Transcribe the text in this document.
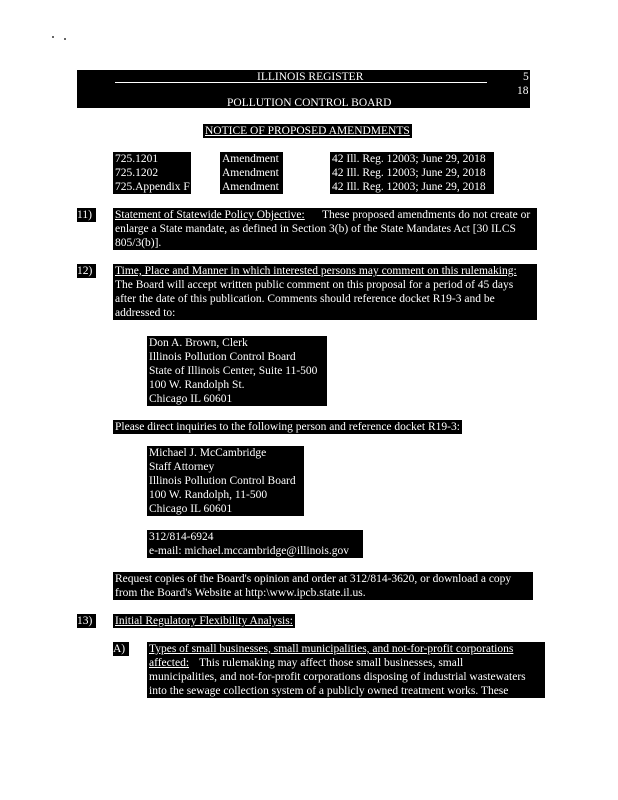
ILLINOIS REGISTER	5
18
POLLUTION CONTROL BOARD
NOTICE OF PROPOSED AMENDMENTS
725.1201	Amendment	42 Ill. Reg. 12003; June 29, 2018
725.1202	Amendment	42 Ill. Reg. 12003; June 29, 2018
725.Appendix F	Amendment	42 Ill. Reg. 12003; June 29, 2018
11)	Statement of Statewide Policy Objective: These proposed amendments do not create or
enlarge a State mandate, as defined in Section 3(b) of the State Mandates Act [30 ILCS
805/3(b)].
12)	Time, Place and Manner in which interested persons may comment on this rulemaking:
The Board will accept written public comment on this proposal for a period of 45 days
after the date of this publication. Comments should reference docket R19-3 and be
addressed to:
Don A. Brown, Clerk
Illinois Pollution Control Board
State of Illinois Center, Suite 11-500
100 W. Randolph St.
Chicago IL 60601
Please direct inquiries to the following person and reference docket R19-3:
Michael J. McCambridge
Staff Attorney
Illinois Pollution Control Board
100 W. Randolph, 11-500
Chicago IL 60601
312/814-6924
e-mail: michael.mccambridge@illinois.gov
Request copies of the Board's opinion and order at 312/814-3620, or download a copy
from the Board's Website at http:\www.ipcb.state.il.us.
13)	Initial Regulatory Flexibility Analysis:
A)	Types of small businesses, small municipalities, and not-for-profit corporations
affected: This rulemaking may affect those small businesses, small
municipalities, and not-for-profit corporations disposing of industrial wastewaters
into the sewage collection system of a publicly owned treatment works. These
